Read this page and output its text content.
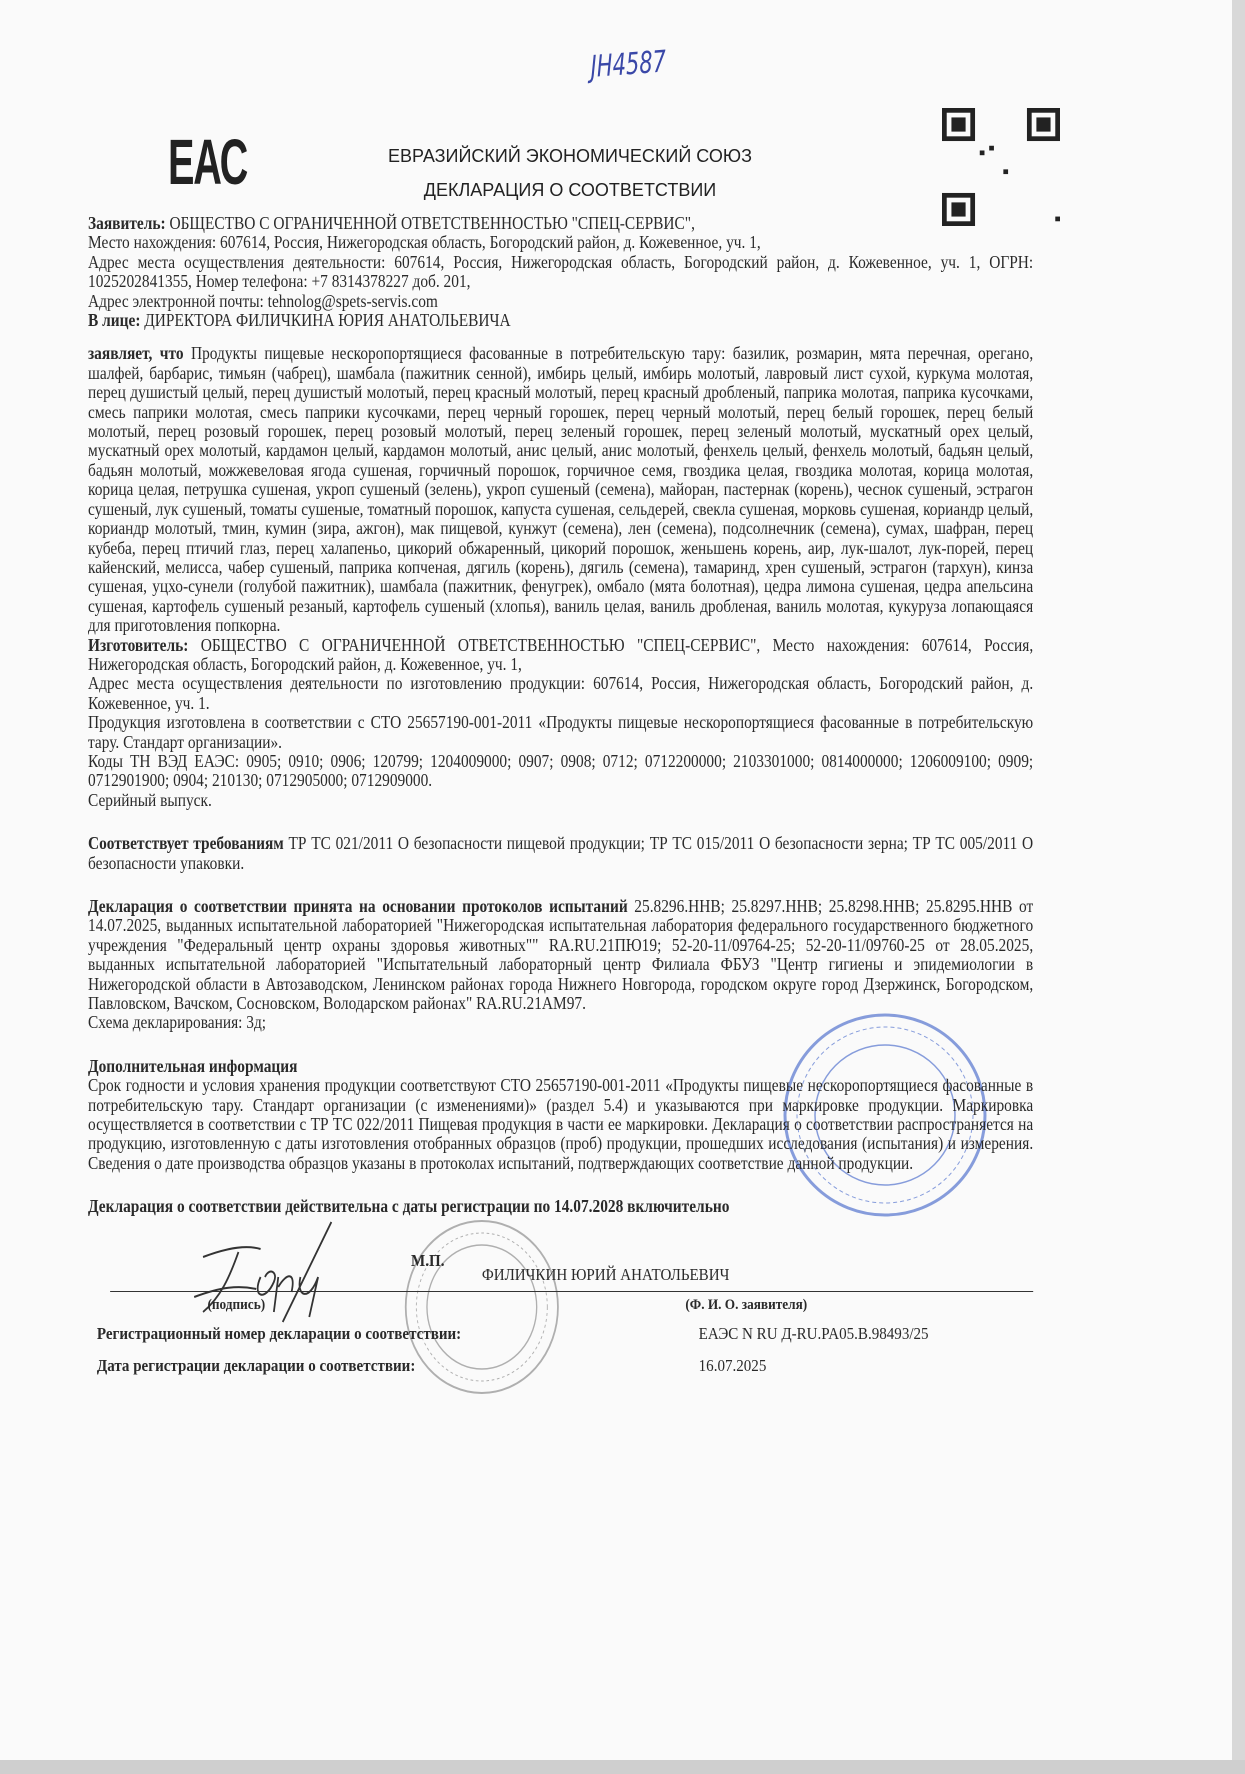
ЕАС
ЈН4587
ЕВРАЗИЙСКИЙ ЭКОНОМИЧЕСКИЙ СОЮЗ
ДЕКЛАРАЦИЯ О СООТВЕТСТВИИ

Заявитель: ОБЩЕСТВО С ОГРАНИЧЕННОЙ ОТВЕТСТВЕННОСТЬЮ "СПЕЦ-СЕРВИС",

Место нахождения: 607614, Россия, Нижегородская область, Богородский район, д. Кожевенное, уч. 1,

Адрес места осуществления деятельности: 607614, Россия, Нижегородская область, Богородский район, д. Кожевенное, уч. 1, ОГРН: 1025202841355, Номер телефона: +7 8314378227 доб. 201,

Адрес электронной почты: tehnolog@spets-servis.com

В лице: ДИРЕКТОРА ФИЛИЧКИНА ЮРИЯ АНАТОЛЬЕВИЧА

заявляет, что Продукты пищевые нескоропортящиеся фасованные в потребительскую тару: базилик, розмарин, мята перечная, орегано, шалфей, барбарис, тимьян (чабрец), шамбала (пажитник сенной), имбирь целый, имбирь молотый, лавровый лист сухой, куркума молотая, перец душистый целый, перец душистый молотый, перец красный молотый, перец красный дробленый, паприка молотая, паприка кусочками, смесь паприки молотая, смесь паприки кусочками, перец черный горошек, перец черный молотый, перец белый горошек, перец белый молотый, перец розовый горошек, перец розовый молотый, перец зеленый горошек, перец зеленый молотый, мускатный орех целый, мускатный орех молотый, кардамон целый, кардамон молотый, анис целый, анис молотый, фенхель целый, фенхель молотый, бадьян целый, бадьян молотый, можжевеловая ягода сушеная, горчичный порошок, горчичное семя, гвоздика целая, гвоздика молотая, корица молотая, корица целая, петрушка сушеная, укроп сушеный (зелень), укроп сушеный (семена), майоран, пастернак (корень), чеснок сушеный, эстрагон сушеный, лук сушеный, томаты сушеные, томатный порошок, капуста сушеная, сельдерей, свекла сушеная, морковь сушеная, кориандр целый, кориандр молотый, тмин, кумин (зира, ажгон), мак пищевой, кунжут (семена), лен (семена), подсолнечник (семена), сумах, шафран, перец кубеба, перец птичий глаз, перец халапеньо, цикорий обжаренный, цикорий порошок, женьшень корень, аир, лук-шалот, лук-порей, перец кайенский, мелисса, чабер сушеный, паприка копченая, дягиль (корень), дягиль (семена), тамаринд, хрен сушеный, эстрагон (тархун), кинза сушеная, уцхо-сунели (голубой пажитник), шамбала (пажитник, фенугрек), омбало (мята болотная), цедра лимона сушеная, цедра апельсина сушеная, картофель сушеный резаный, картофель сушеный (хлопья), ваниль целая, ваниль дробленая, ваниль молотая, кукуруза лопающаяся для приготовления попкорна.

Изготовитель: ОБЩЕСТВО С ОГРАНИЧЕННОЙ ОТВЕТСТВЕННОСТЬЮ "СПЕЦ-СЕРВИС", Место нахождения: 607614, Россия, Нижегородская область, Богородский район, д. Кожевенное, уч. 1,

Адрес места осуществления деятельности по изготовлению продукции: 607614, Россия, Нижегородская область, Богородский район, д. Кожевенное, уч. 1.

Продукция изготовлена в соответствии с СТО 25657190-001-2011 «Продукты пищевые нескоропортящиеся фасованные в потребительскую тару. Стандарт организации».

Коды ТН ВЭД ЕАЭС: 0905; 0910; 0906; 120799; 1204009000; 0907; 0908; 0712; 0712200000; 2103301000; 0814000000; 1206009100; 0909; 0712901900; 0904; 210130; 0712905000; 0712909000.

Серийный выпуск.

Соответствует требованиям ТР ТС 021/2011 О безопасности пищевой продукции; ТР ТС 015/2011 О безопасности зерна; ТР ТС 005/2011 О безопасности упаковки.

Декларация о соответствии принята на основании протоколов испытаний 25.8296.ННВ; 25.8297.ННВ; 25.8298.ННВ; 25.8295.ННВ от 14.07.2025, выданных испытательной лабораторией "Нижегородская испытательная лаборатория федерального государственного бюджетного учреждения "Федеральный центр охраны здоровья животных"" RA.RU.21ПЮ19; 52-20-11/09764-25; 52-20-11/09760-25 от 28.05.2025, выданных испытательной лабораторией "Испытательный лабораторный центр Филиала ФБУЗ "Центр гигиены и эпидемиологии в Нижегородской области в Автозаводском, Ленинском районах города Нижнего Новгорода, городском округе город Дзержинск, Богородском, Павловском, Вачском, Сосновском, Володарском районах" RA.RU.21АМ97.

Схема декларирования: 3д;

Дополнительная информация

Срок годности и условия хранения продукции соответствуют СТО 25657190-001-2011 «Продукты пищевые нескоропортящиеся фасованные в потребительскую тару. Стандарт организации (с изменениями)» (раздел 5.4) и указываются при маркировке продукции. Маркировка осуществляется в соответствии с ТР ТС 022/2011 Пищевая продукция в части ее маркировки. Декларация о соответствии распространяется на продукцию, изготовленную с даты изготовления отобранных образцов (проб) продукции, прошедших исследования (испытания) и измерения. Сведения о дате производства образцов указаны в протоколах испытаний, подтверждающих соответствие данной продукции.

Декларация о соответствии действительна с даты регистрации по 14.07.2028 включительно

М.П.
ФИЛИЧКИН ЮРИЙ АНАТОЛЬЕВИЧ
(подпись)	(Ф. И. О. заявителя)
Регистрационный номер декларации о соответствии:	ЕАЭС N RU Д-RU.PA05.B.98493/25
Дата регистрации декларации о соответствии:	16.07.2025
